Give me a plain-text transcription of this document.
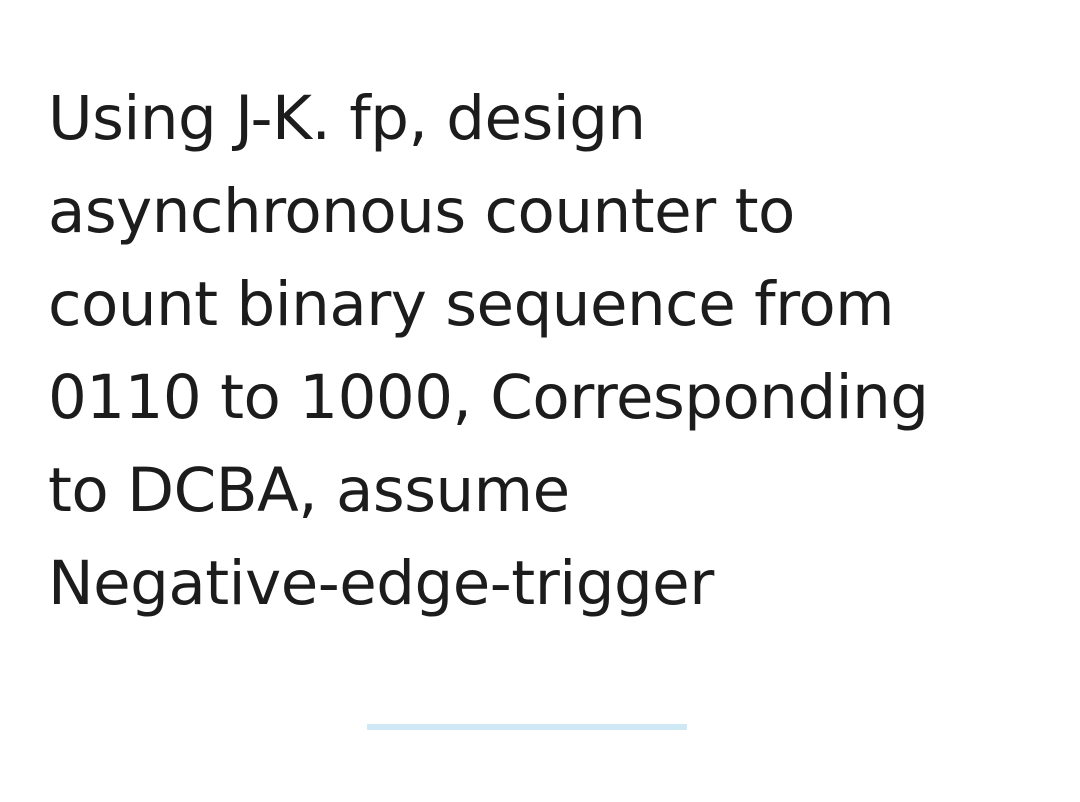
Using J-K. fp, design
asynchronous counter to
count binary sequence from
0110 to 1000, Corresponding
to DCBA, assume
Negative-edge-trigger
